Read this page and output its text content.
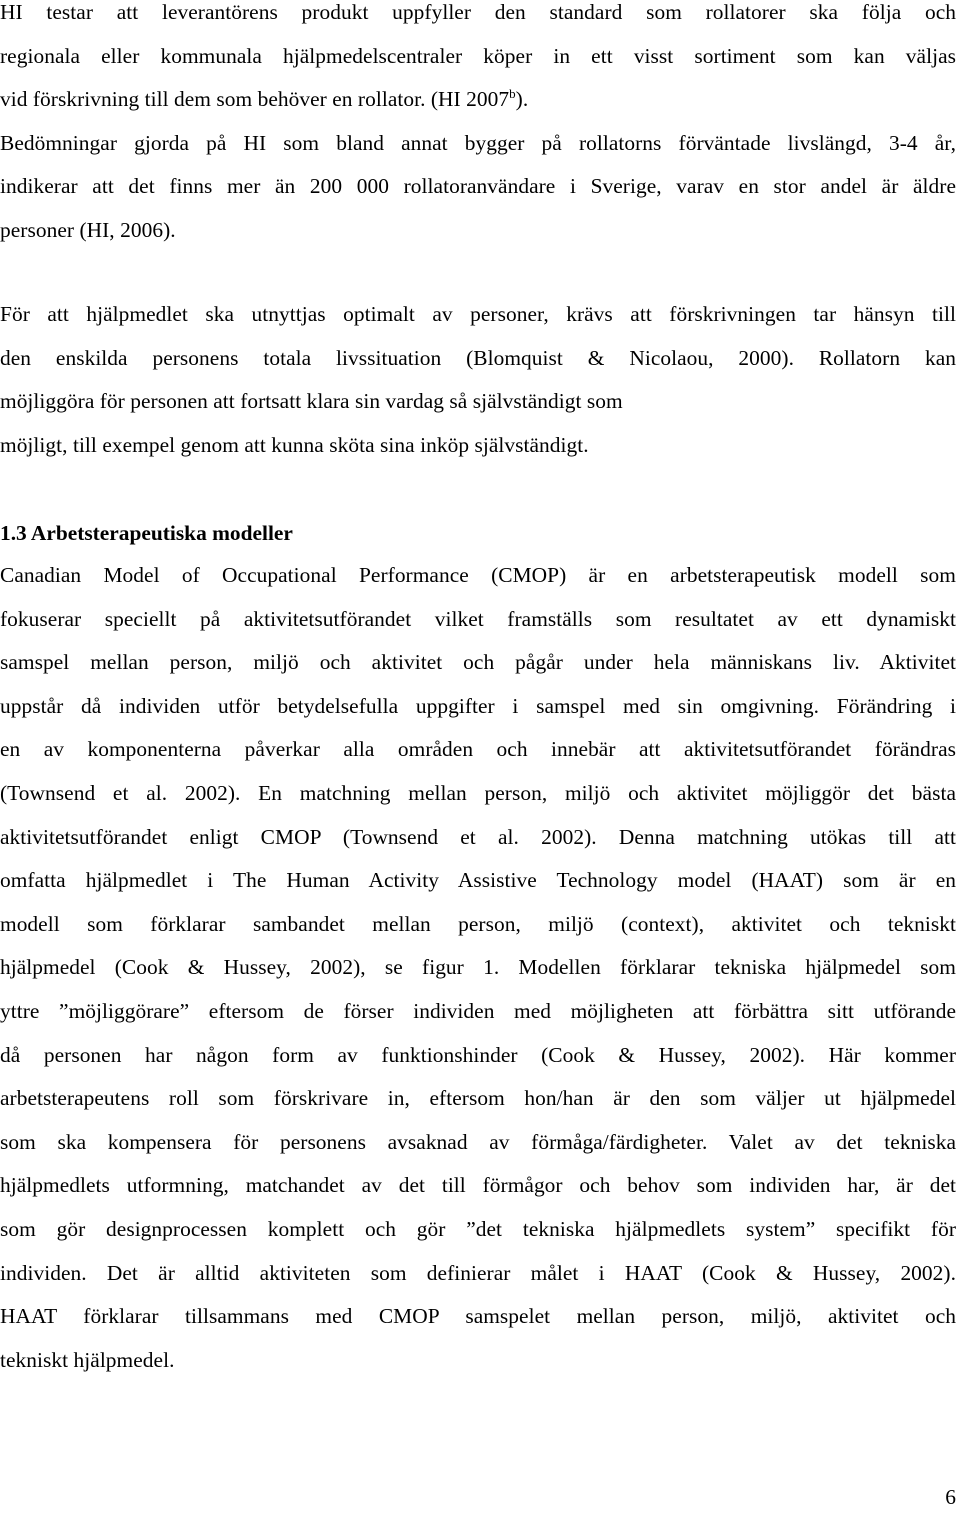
HI testar att leverantörens produkt uppfyller den standard som rollatorer ska följa och
regionala eller kommunala hjälpmedelscentraler köper in ett visst sortiment som kan väljas
vid förskrivning till dem som behöver en rollator. (HI 2007$^b$).
Bedömningar gjorda på HI som bland annat bygger på rollatorns förväntade livslängd, 3-4 år,
indikerar att det finns mer än 200 000 rollatoranvändare i Sverige, varav en stor andel är äldre
personer (HI, 2006).
För att hjälpmedlet ska utnyttjas optimalt av personer, krävs att förskrivningen tar hänsyn till
den enskilda personens totala livssituation (Blomquist & Nicolaou, 2000). Rollatorn kan
möjliggöra för personen att fortsatt klara sin vardag så självständigt som
möjligt, till exempel genom att kunna sköta sina inköp självständigt.
1.3 Arbetsterapeutiska modeller
Canadian Model of Occupational Performance (CMOP) är en arbetsterapeutisk modell som
fokuserar speciellt på aktivitetsutförandet vilket framställs som resultatet av ett dynamiskt
samspel mellan person, miljö och aktivitet och pågår under hela människans liv. Aktivitet
uppstår då individen utför betydelsefulla uppgifter i samspel med sin omgivning. Förändring i
en av komponenterna påverkar alla områden och innebär att aktivitetsutförandet förändras
(Townsend et al. 2002). En matchning mellan person, miljö och aktivitet möjliggör det bästa
aktivitetsutförandet enligt CMOP (Townsend et al. 2002). Denna matchning utökas till att
omfatta hjälpmedlet i The Human Activity Assistive Technology model (HAAT) som är en
modell som förklarar sambandet mellan person, miljö (context), aktivitet och tekniskt
hjälpmedel (Cook & Hussey, 2002), se figur 1. Modellen förklarar tekniska hjälpmedel som
yttre ”möjliggörare” eftersom de förser individen med möjligheten att förbättra sitt utförande
då personen har någon form av funktionshinder (Cook & Hussey, 2002). Här kommer
arbetsterapeutens roll som förskrivare in, eftersom hon/han är den som väljer ut hjälpmedel
som ska kompensera för personens avsaknad av förmåga/färdigheter. Valet av det tekniska
hjälpmedlets utformning, matchandet av det till förmågor och behov som individen har, är det
som gör designprocessen komplett och gör ”det tekniska hjälpmedlets system” specifikt för
individen. Det är alltid aktiviteten som definierar målet i HAAT (Cook & Hussey, 2002).
HAAT förklarar tillsammans med CMOP samspelet mellan person, miljö, aktivitet och
tekniskt hjälpmedel.
6
